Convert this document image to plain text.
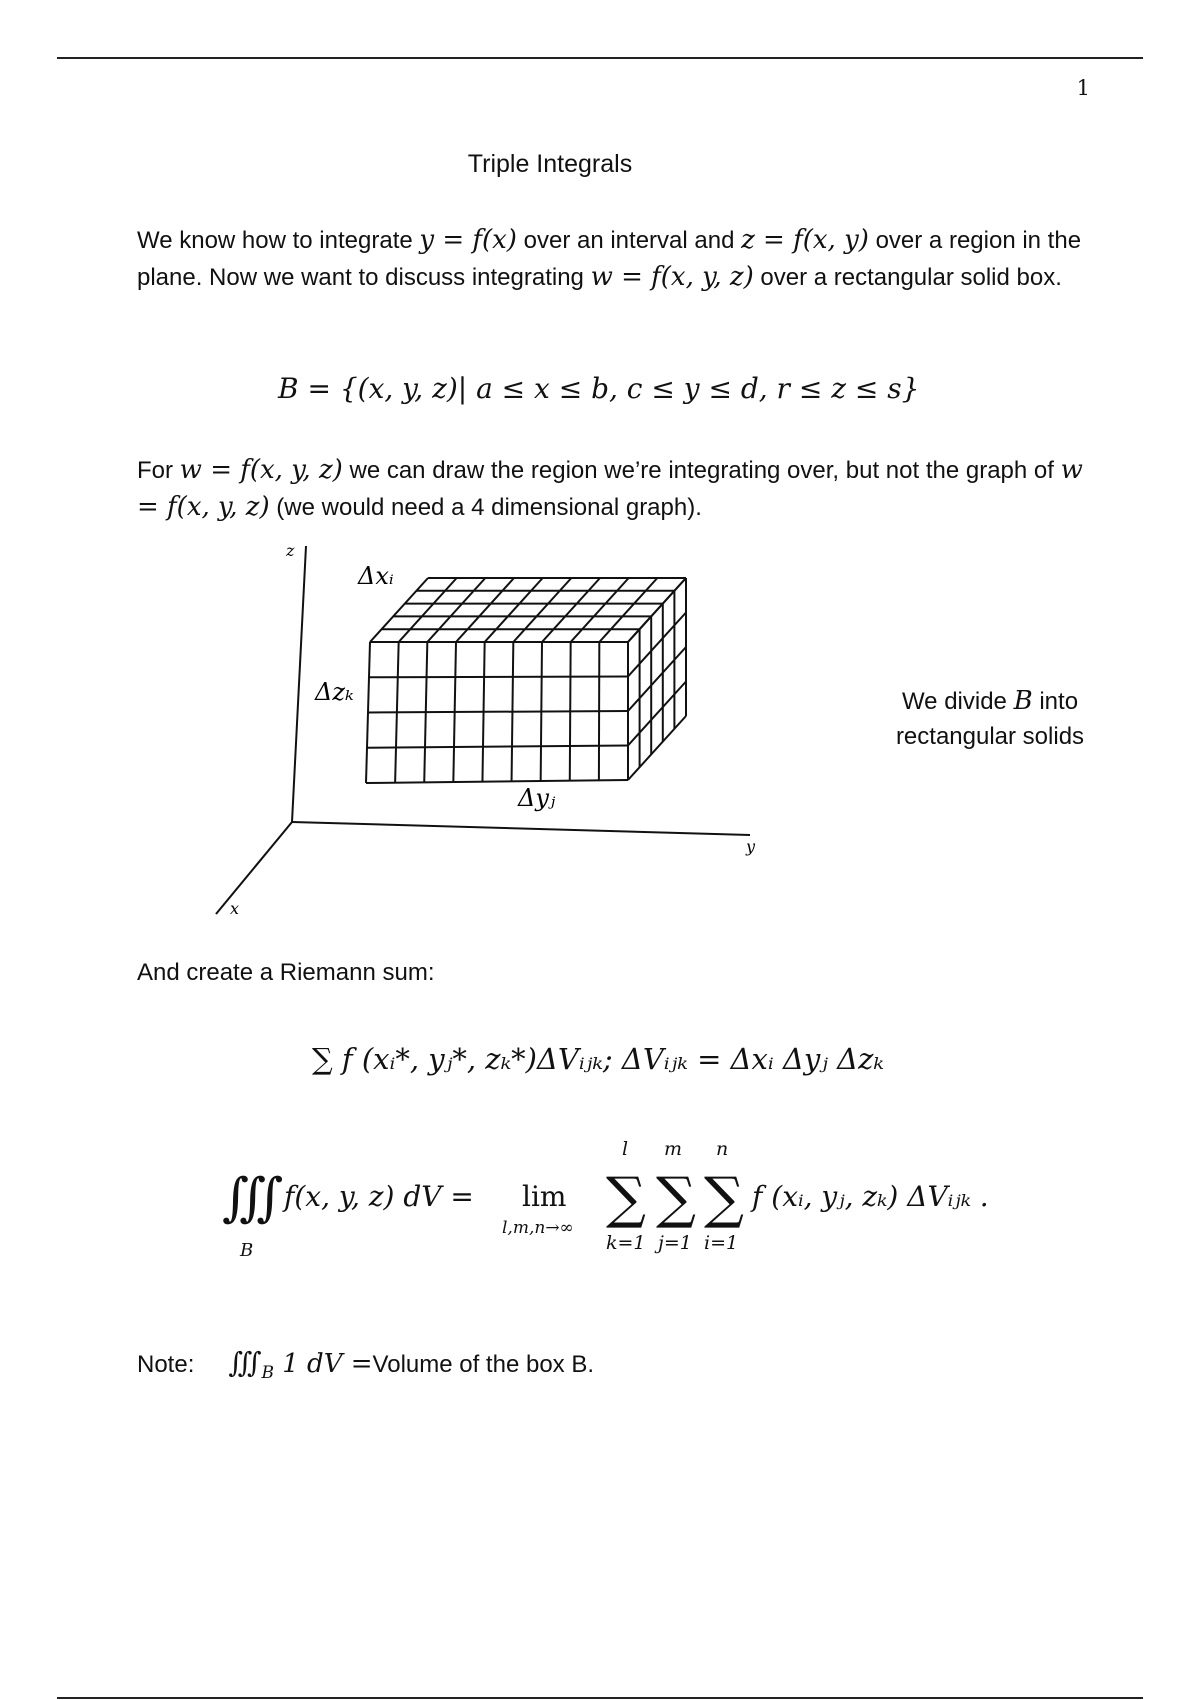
1
Triple Integrals
We know how to integrate y = f(x) over an interval and z = f(x, y) over a region in the plane. Now we want to discuss integrating w = f(x, y, z) over a rectangular solid box.
B = {(x, y, z)| a ≤ x ≤ b, c ≤ y ≤ d, r ≤ z ≤ s}
For w = f(x, y, z) we can draw the region we’re integrating over, but not the graph of w = f(x, y, z) (we would need a 4 dimensional graph).
z
y
x
Δxᵢ
Δzₖ
Δyⱼ
We divide B into rectangular solids
And create a Riemann sum:
∑ f (xᵢ*, yⱼ*, zₖ*)ΔVᵢⱼₖ; ΔVᵢⱼₖ = Δxᵢ Δyⱼ Δzₖ
∭
B
f(x, y, z) dV = lim
l,m,n→∞ ∑
l
k=1
∑
m
j=1
∑
n
i=1
f (xᵢ, yⱼ, zₖ) ΔVᵢⱼₖ .
Note: $∭_B$ 1 dV =Volume of the box B.
